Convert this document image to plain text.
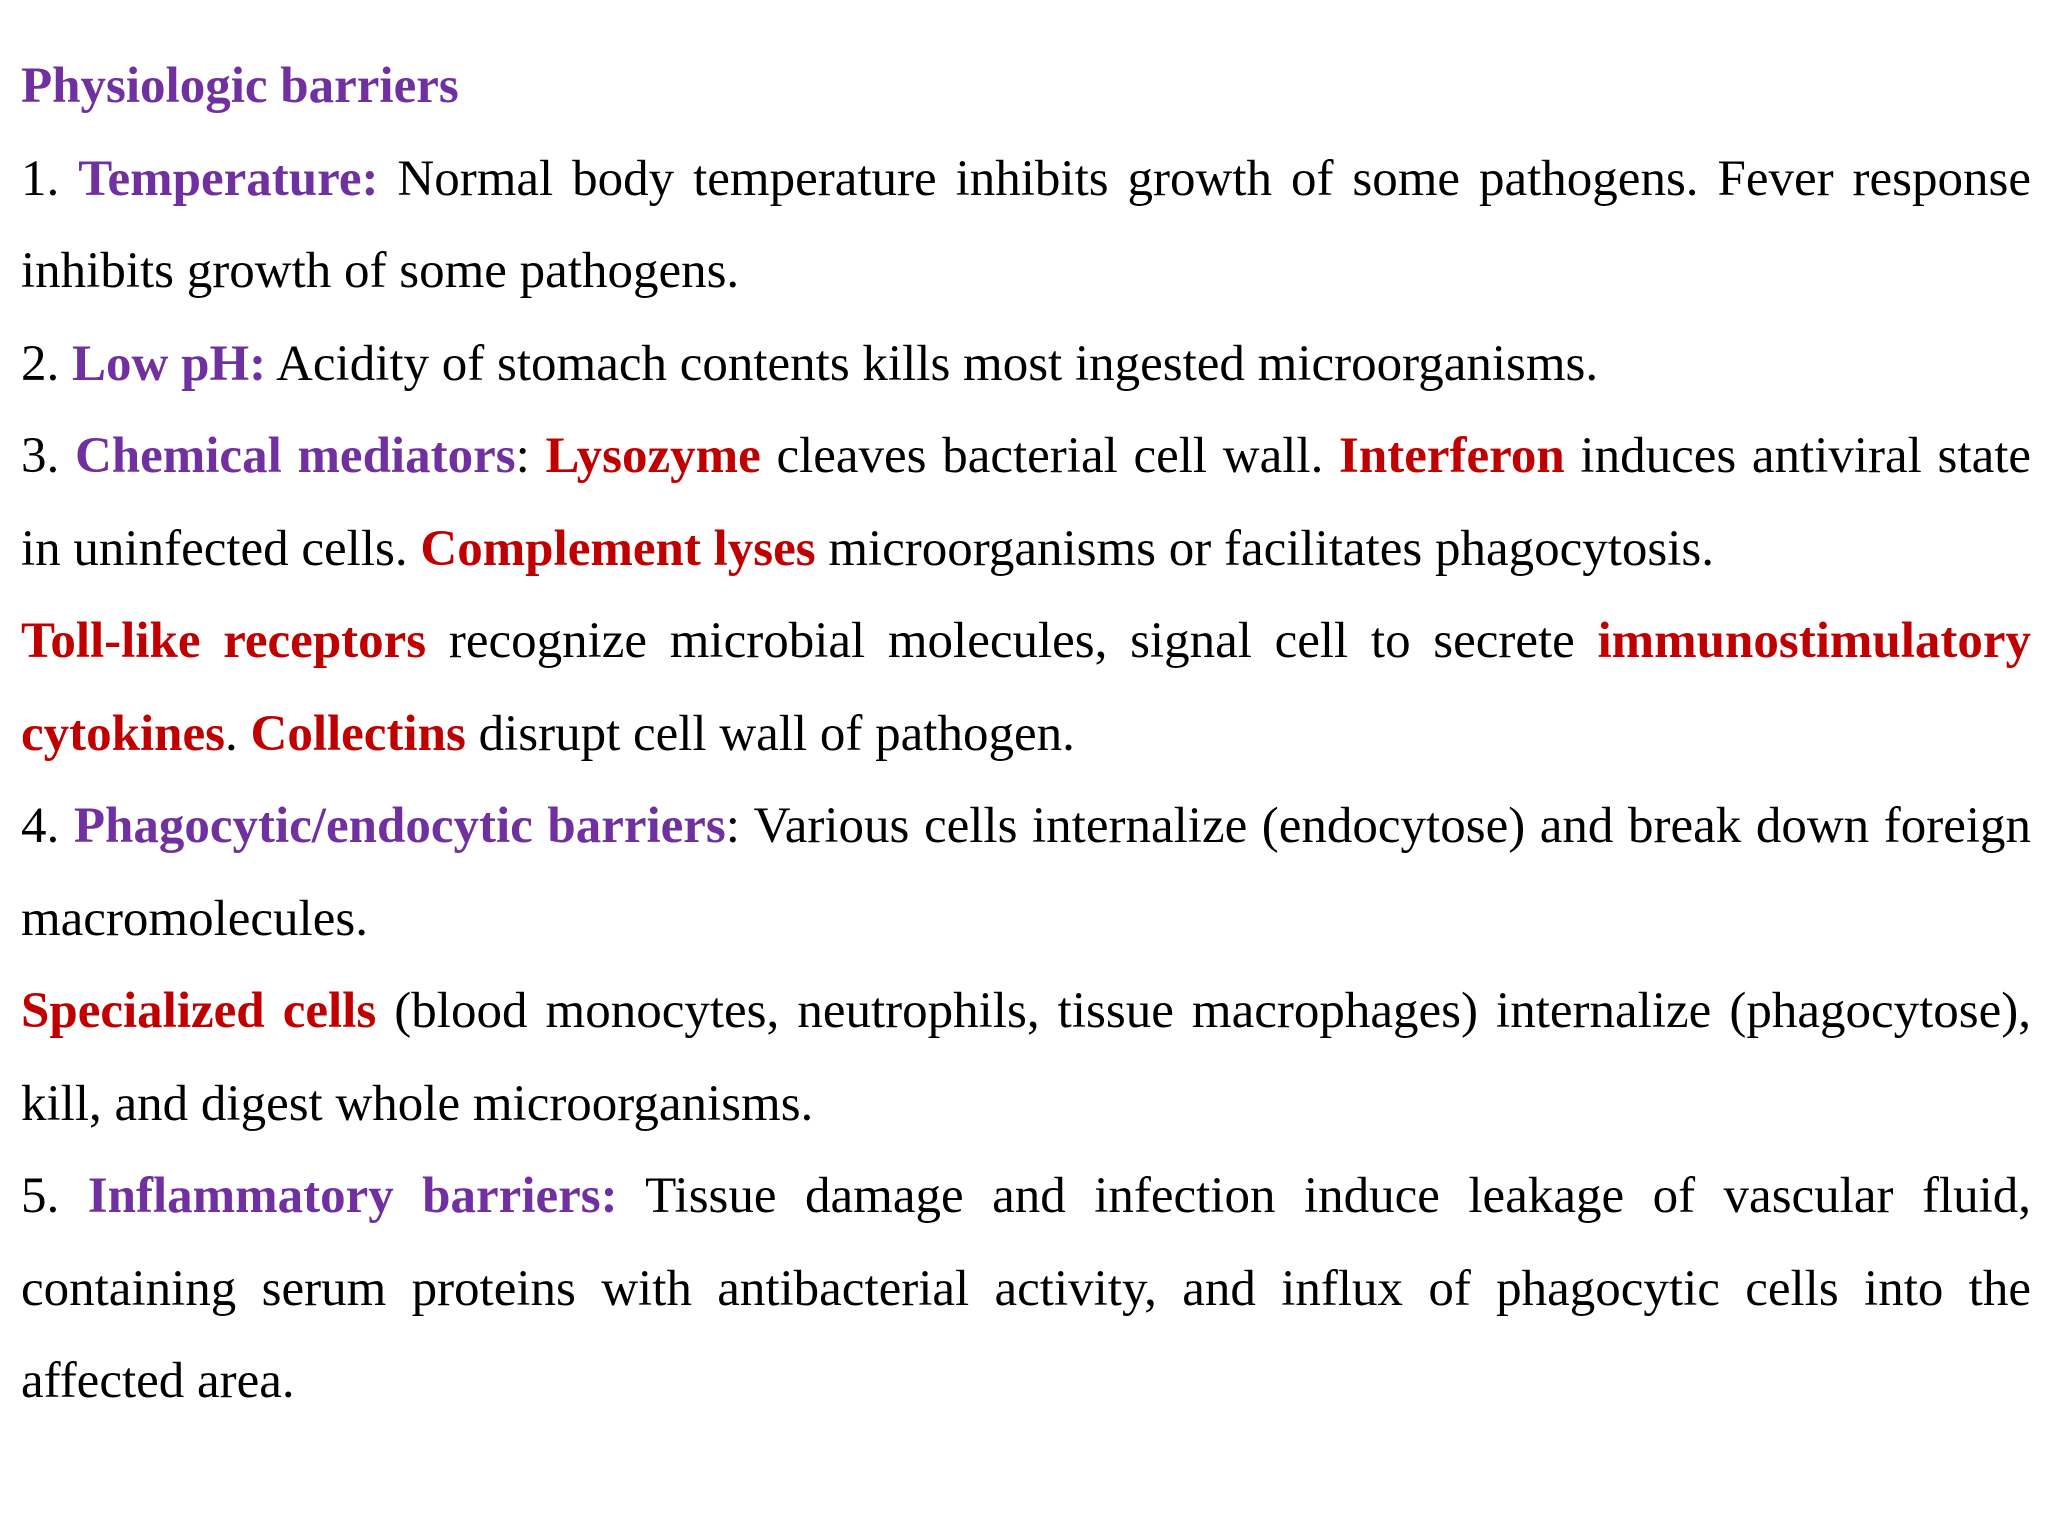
Physiologic barriers

1. Temperature: Normal body temperature inhibits growth of some pathogens. Fever response inhibits growth of some pathogens.

2. Low pH: Acidity of stomach contents kills most ingested microorganisms.

3. Chemical mediators: Lysozyme cleaves bacterial cell wall. Interferon induces antiviral state in uninfected cells. Complement lyses microorganisms or facilitates phagocytosis.

Toll-like receptors recognize microbial molecules, signal cell to secrete immunostimulatory cytokines. Collectins disrupt cell wall of pathogen.

4. Phagocytic/endocytic barriers: Various cells internalize (endocytose) and break down foreign macromolecules.

Specialized cells (blood monocytes, neutrophils, tissue macrophages) internalize (phagocytose), kill, and digest whole microorganisms.

5. Inflammatory barriers: Tissue damage and infection induce leakage of vascular fluid, containing serum proteins with antibacterial activity, and influx of phagocytic cells into the affected area.
